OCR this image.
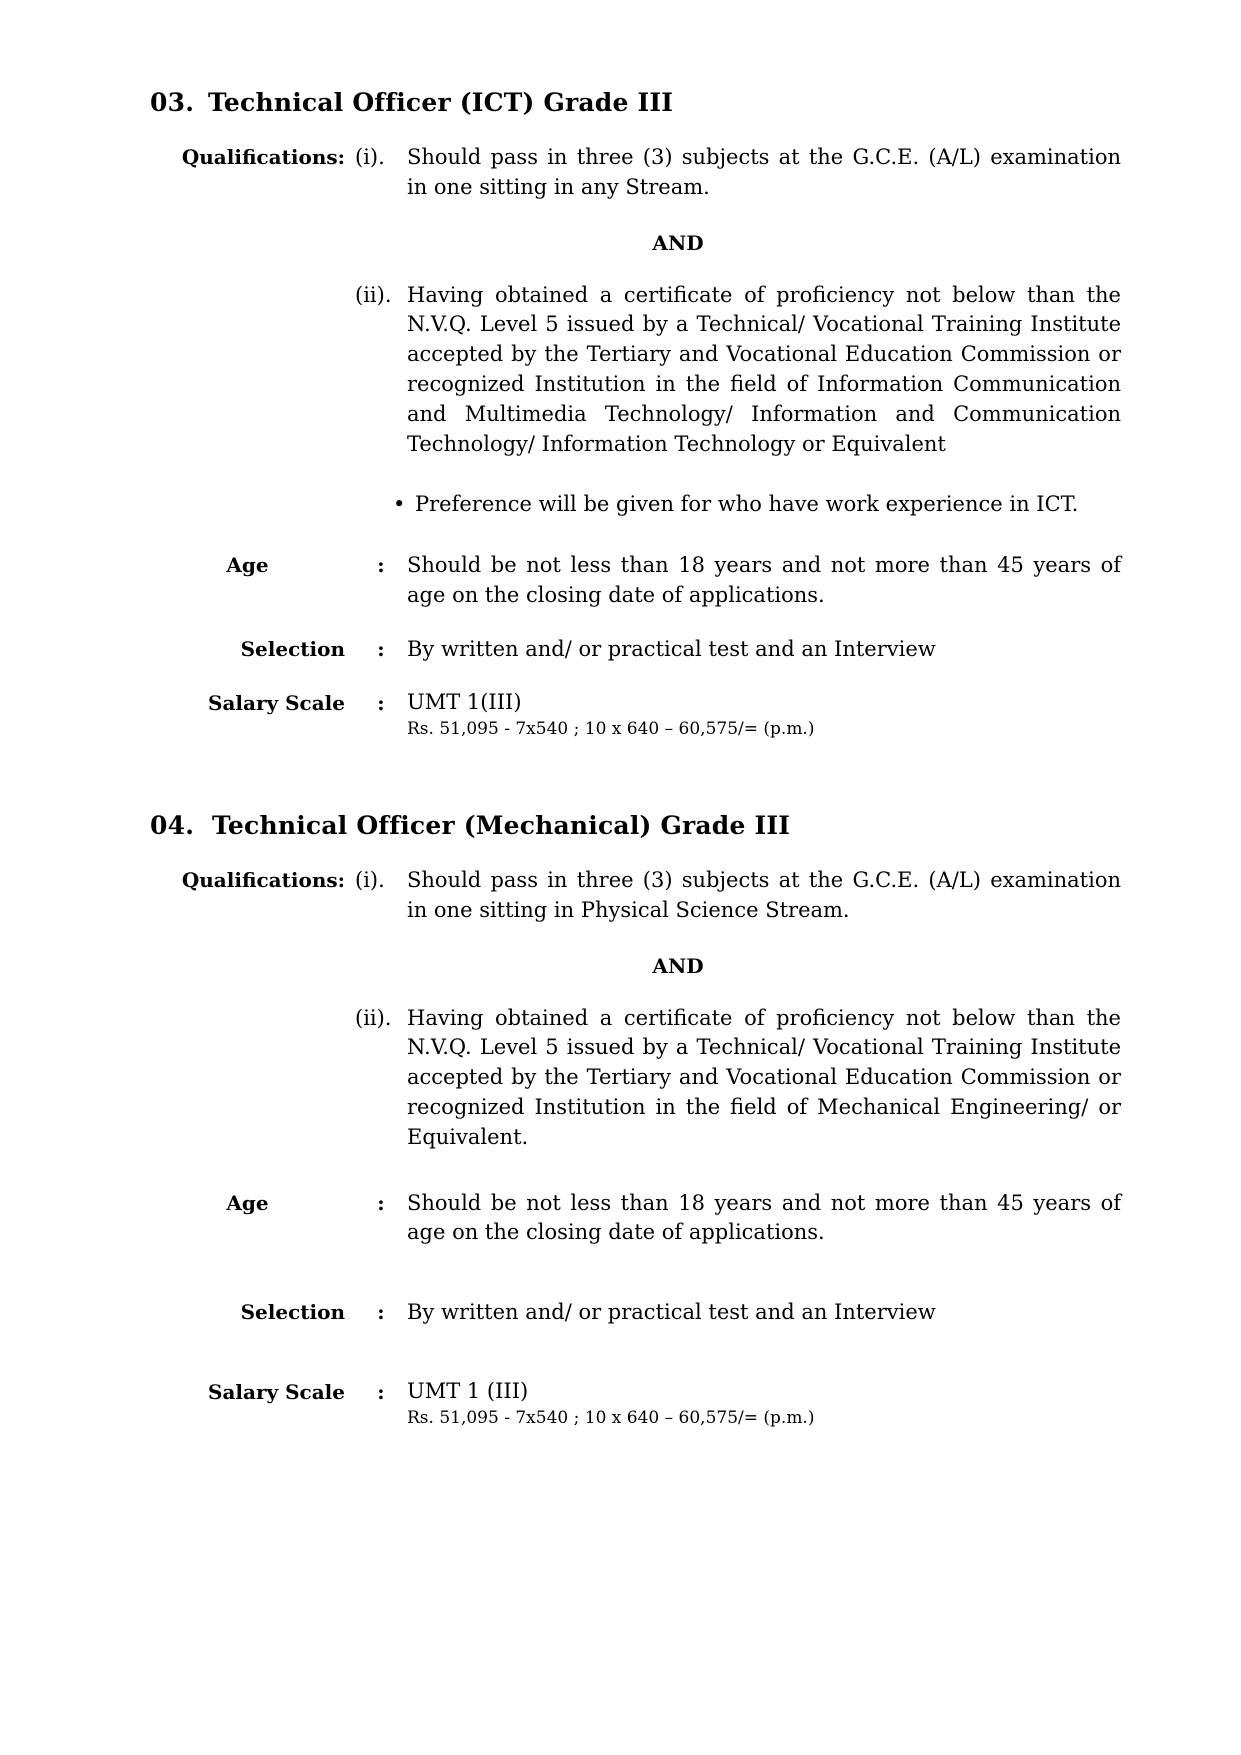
03. Technical Officer (ICT) Grade III
Qualifications: (i).	Should pass in three (3) subjects at the G.C.E. (A/L) examination in one sitting in any Stream.
AND
(ii). Having obtained a certificate of proficiency not below than the N.V.Q. Level 5 issued by a Technical/ Vocational Training Institute accepted by the Tertiary and Vocational Education Commission or recognized Institution in the field of Information Communication and Multimedia Technology/ Information and Communication Technology/ Information Technology or Equivalent
• Preference will be given for who have work experience in ICT.
Age	:	Should be not less than 18 years and not more than 45 years of age on the closing date of applications.
Selection	:	By written and/ or practical test and an Interview
Salary Scale	:	UMT 1(III)
Rs. 51,095 - 7x540 ; 10 x 640 – 60,575/= (p.m.)
04. Technical Officer (Mechanical) Grade III
Qualifications: (i).	Should pass in three (3) subjects at the G.C.E. (A/L) examination in one sitting in Physical Science Stream.
AND
(ii). Having obtained a certificate of proficiency not below than the N.V.Q. Level 5 issued by a Technical/ Vocational Training Institute accepted by the Tertiary and Vocational Education Commission or recognized Institution in the field of Mechanical Engineering/ or Equivalent.
Age	:	Should be not less than 18 years and not more than 45 years of age on the closing date of applications.
Selection	:	By written and/ or practical test and an Interview
Salary Scale	:	UMT 1 (III)
Rs. 51,095 - 7x540 ; 10 x 640 – 60,575/= (p.m.)
